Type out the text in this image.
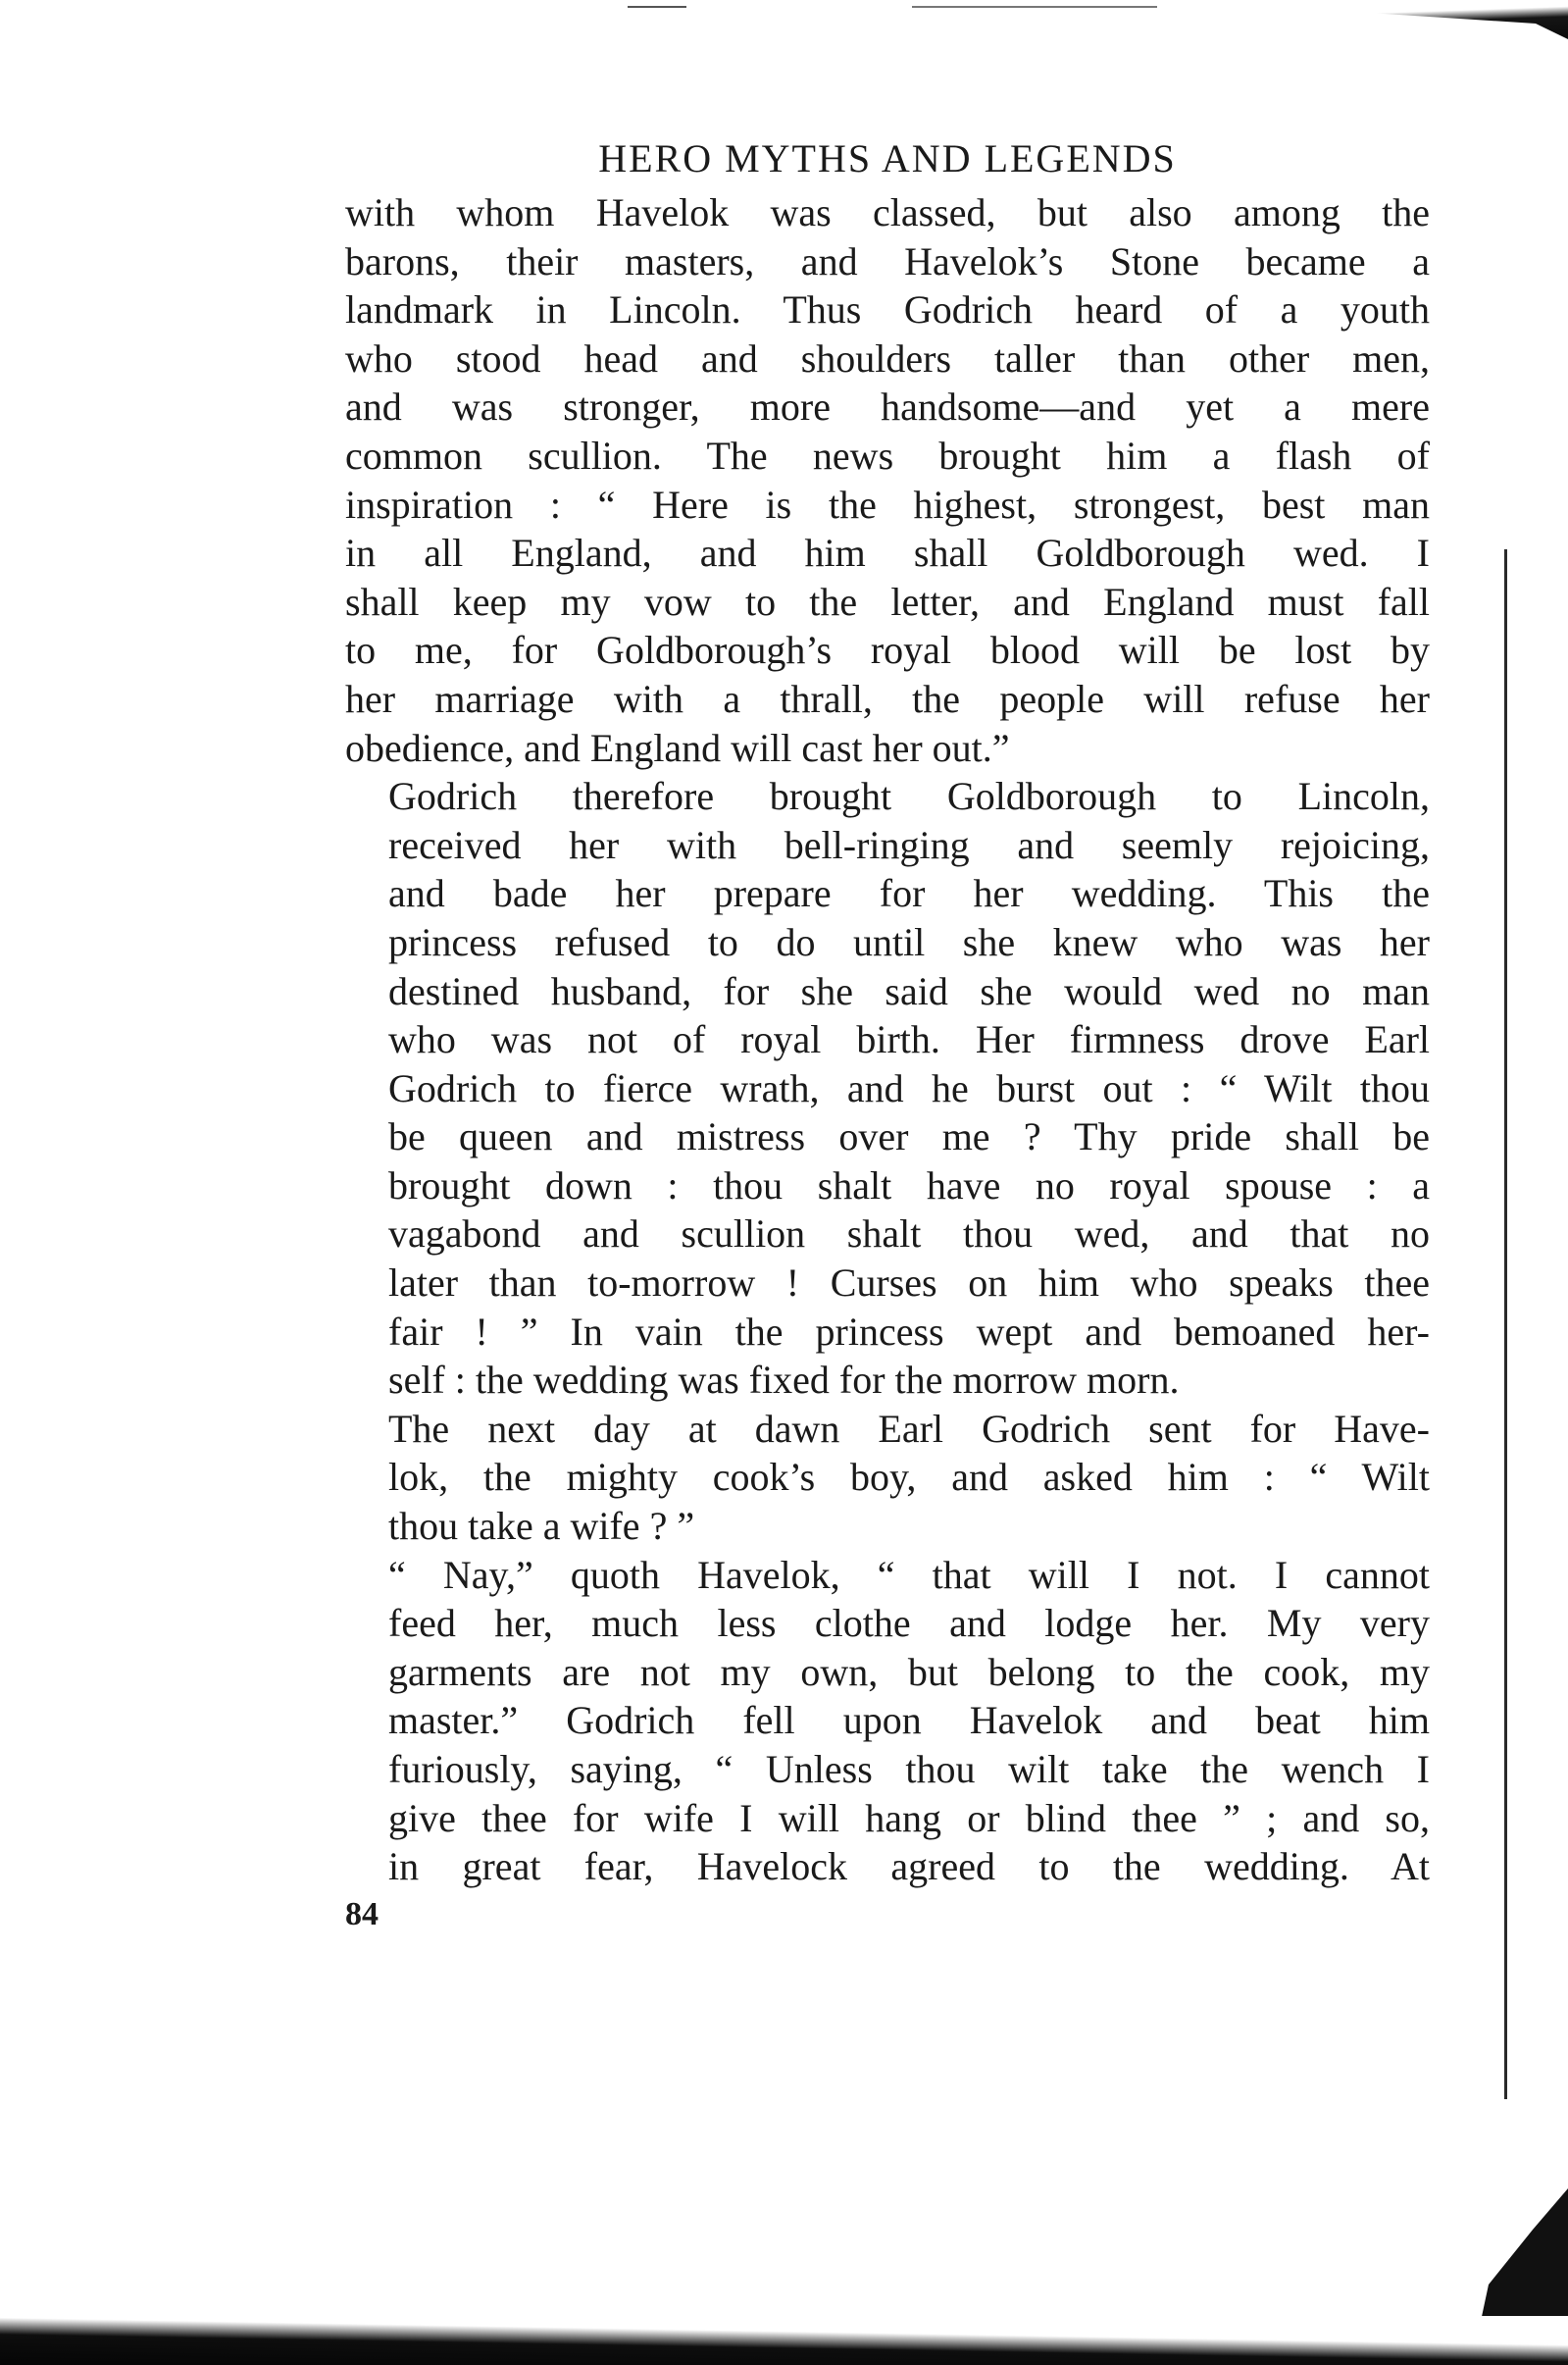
HERO MYTHS AND LEGENDS

with whom Havelok was classed, but also among the
barons, their masters, and Havelok’s Stone became a
landmark in Lincoln. Thus Godrich heard of a youth
who stood head and shoulders taller than other men,
and was stronger, more handsome—and yet a mere
common scullion. The news brought him a flash of
inspiration : “ Here is the highest, strongest, best man
in all England, and him shall Goldborough wed. I
shall keep my vow to the letter, and England must fall
to me, for Goldborough’s royal blood will be lost by
her marriage with a thrall, the people will refuse her
obedience, and England will cast her out.”

Godrich therefore brought Goldborough to Lincoln,
received her with bell-ringing and seemly rejoicing,
and bade her prepare for her wedding. This the
princess refused to do until she knew who was her
destined husband, for she said she would wed no man
who was not of royal birth. Her firmness drove Earl
Godrich to fierce wrath, and he burst out : “ Wilt thou
be queen and mistress over me ? Thy pride shall be
brought down : thou shalt have no royal spouse : a
vagabond and scullion shalt thou wed, and that no
later than to-morrow ! Curses on him who speaks thee
fair ! ” In vain the princess wept and bemoaned her-
self : the wedding was fixed for the morrow morn.

The next day at dawn Earl Godrich sent for Have-
lok, the mighty cook’s boy, and asked him : “ Wilt
thou take a wife ? ”

“ Nay,” quoth Havelok, “ that will I not. I cannot
feed her, much less clothe and lodge her. My very
garments are not my own, but belong to the cook, my
master.” Godrich fell upon Havelok and beat him
furiously, saying, “ Unless thou wilt take the wench I
give thee for wife I will hang or blind thee ” ; and so,
in great fear, Havelock agreed to the wedding. At

84
